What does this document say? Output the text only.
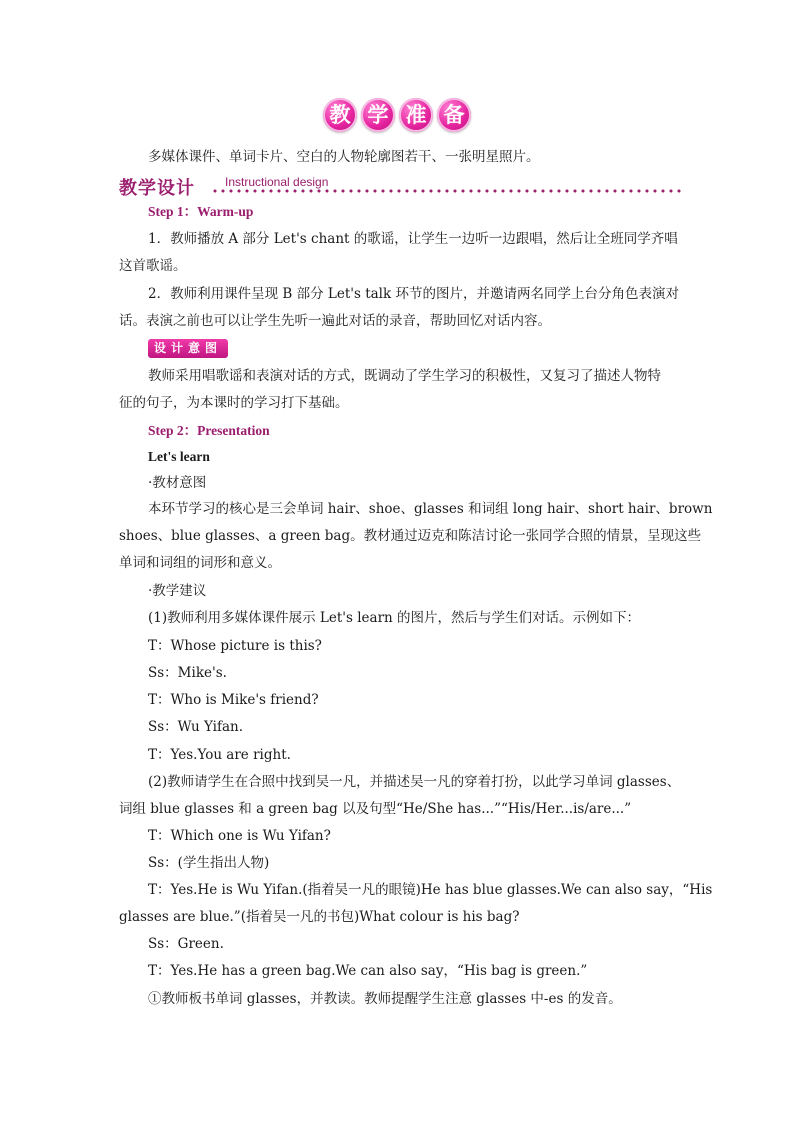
教 学 准 备
多媒体课件、单词卡片、空白的人物轮廓图若干、一张明星照片。
教学设计	Instructional design
Step 1：Warm-up
1．教师播放 A 部分 Let's chant 的歌谣，让学生一边听一边跟唱，然后让全班同学齐唱
这首歌谣。
2．教师利用课件呈现 B 部分 Let's talk 环节的图片，并邀请两名同学上台分角色表演对
话。表演之前也可以让学生先听一遍此对话的录音，帮助回忆对话内容。
设计意图
教师采用唱歌谣和表演对话的方式，既调动了学生学习的积极性，又复习了描述人物特
征的句子，为本课时的学习打下基础。
Step 2：Presentation
Let's learn
·教材意图
本环节学习的核心是三会单词 hair、shoe、glasses 和词组 long hair、short hair、brown
shoes、blue glasses、a green bag。教材通过迈克和陈洁讨论一张同学合照的情景，呈现这些
单词和词组的词形和意义。
·教学建议
(1)教师利用多媒体课件展示 Let's learn 的图片，然后与学生们对话。示例如下：
T：Whose picture is this?
Ss：Mike's.
T：Who is Mike's friend?
Ss：Wu Yifan.
T：Yes.You are right.
(2)教师请学生在合照中找到吴一凡，并描述吴一凡的穿着打扮，以此学习单词 glasses、
词组 blue glasses 和 a green bag 以及句型“He/She has...”“His/Her...is/are...”
T：Which one is Wu Yifan?
Ss：(学生指出人物)
T：Yes.He is Wu Yifan.(指着吴一凡的眼镜)He has blue glasses.We can also say，“His
glasses are blue.”(指着吴一凡的书包)What colour is his bag?
Ss：Green.
T：Yes.He has a green bag.We can also say，“His bag is green.”
①教师板书单词 glasses，并教读。教师提醒学生注意 glasses 中-es 的发音。
